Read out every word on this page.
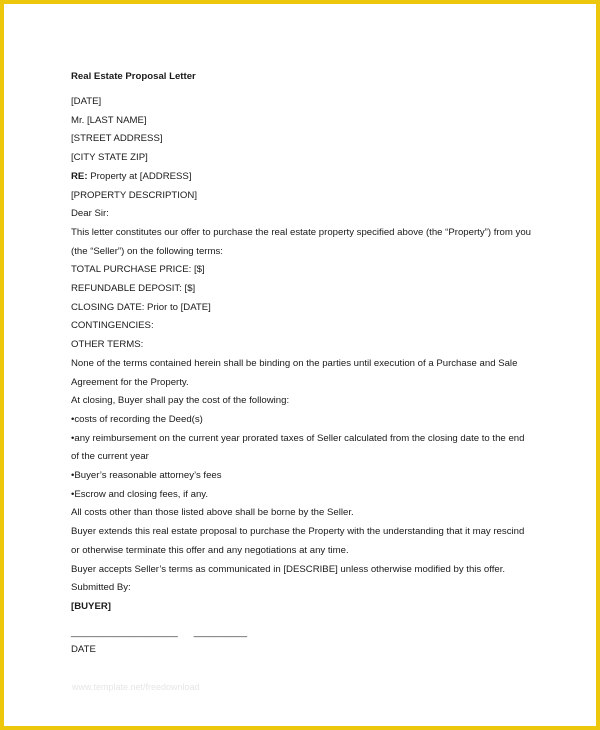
Real Estate Proposal Letter
[DATE]
Mr. [LAST NAME]
[STREET ADDRESS]
[CITY STATE ZIP]
RE: Property at [ADDRESS]
[PROPERTY DESCRIPTION]
Dear Sir:
This letter constitutes our offer to purchase the real estate property specified above (the “Property”) from you
(the “Seller”) on the following terms:
TOTAL PURCHASE PRICE: [$]
REFUNDABLE DEPOSIT: [$]
CLOSING DATE: Prior to [DATE]
CONTINGENCIES:
OTHER TERMS:
None of the terms contained herein shall be binding on the parties until execution of a Purchase and Sale
Agreement for the Property.
At closing, Buyer shall pay the cost of the following:
•costs of recording the Deed(s)
•any reimbursement on the current year prorated taxes of Seller calculated from the closing date to the end
of the current year
•Buyer’s reasonable attorney’s fees
•Escrow and closing fees, if any.
All costs other than those listed above shall be borne by the Seller.
Buyer extends this real estate proposal to purchase the Property with the understanding that it may rescind
or otherwise terminate this offer and any negotiations at any time.
Buyer accepts Seller’s terms as communicated in [DESCRIBE] unless otherwise modified by this offer.
Submitted By:
[BUYER]
____________________      __________
DATE
www.template.net/freedownload
